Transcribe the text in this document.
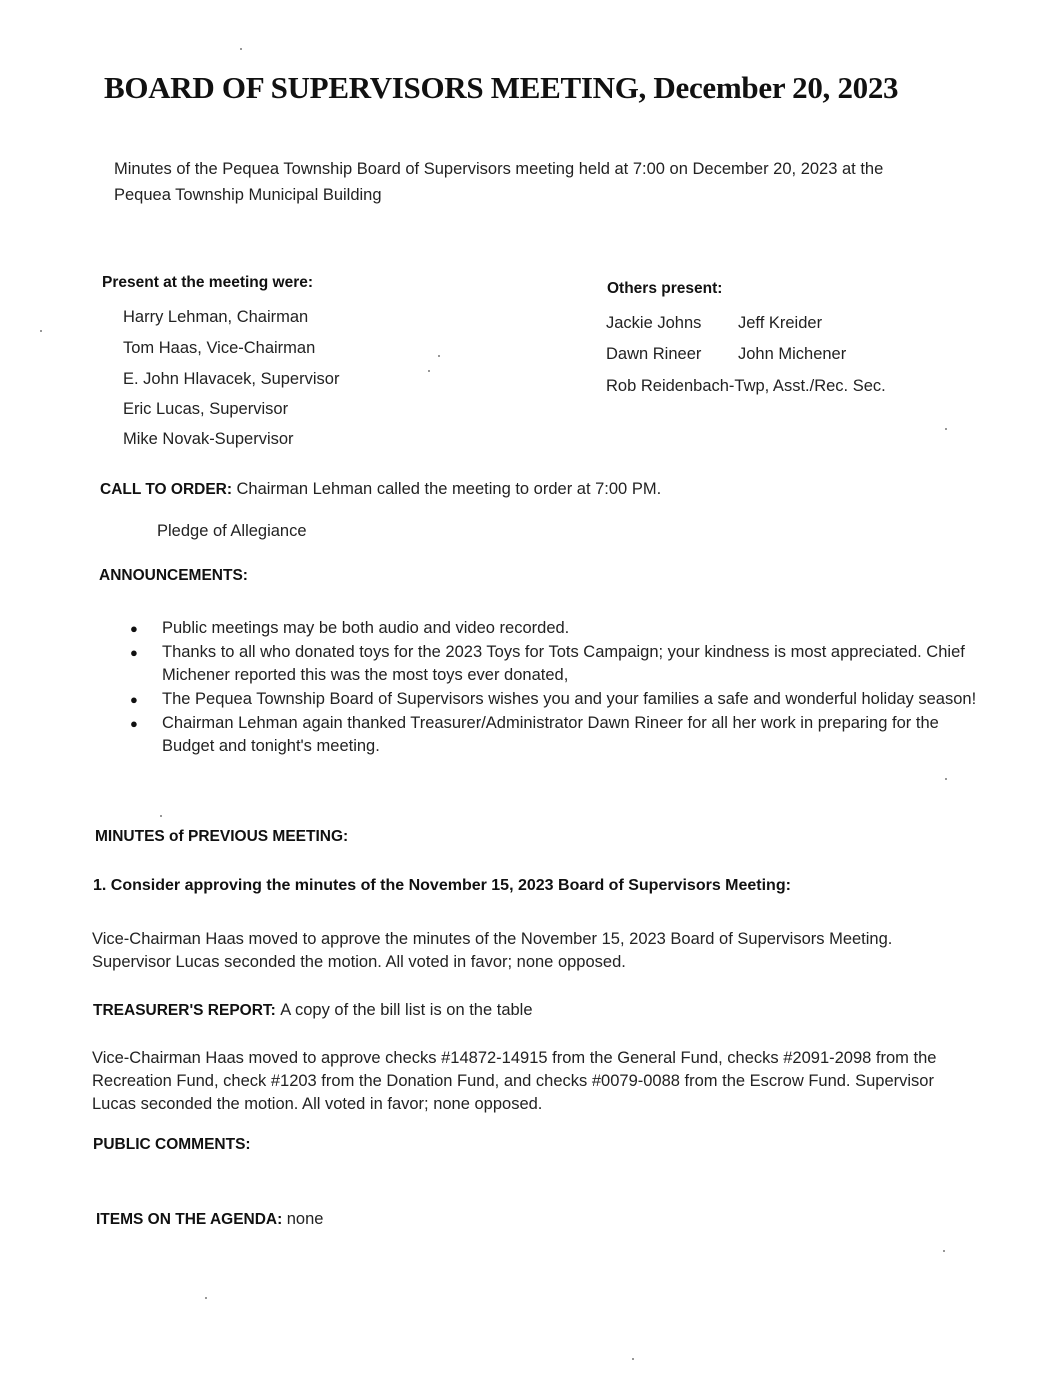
BOARD OF SUPERVISORS MEETING, December 20, 2023
Minutes of the Pequea Township Board of Supervisors meeting held at 7:00 on December 20, 2023 at the
Pequea Township Municipal Building
Present at the meeting were:
Harry Lehman, Chairman
Tom Haas, Vice-Chairman
E. John Hlavacek, Supervisor
Eric Lucas, Supervisor
Mike Novak-Supervisor
Others present:
Jackie Johns Jeff Kreider
Dawn Rineer John Michener
Rob Reidenbach-Twp, Asst./Rec. Sec.
CALL TO ORDER: Chairman Lehman called the meeting to order at 7:00 PM.
Pledge of Allegiance
ANNOUNCEMENTS:
● Public meetings may be both audio and video recorded.
● Thanks to all who donated toys for the 2023 Toys for Tots Campaign; your kindness is most appreciated. Chief Michener reported this was the most toys ever donated,
● The Pequea Township Board of Supervisors wishes you and your families a safe and wonderful holiday season!
● Chairman Lehman again thanked Treasurer/Administrator Dawn Rineer for all her work in preparing for the Budget and tonight's meeting.
MINUTES of PREVIOUS MEETING:
1. Consider approving the minutes of the November 15, 2023 Board of Supervisors Meeting:
Vice-Chairman Haas moved to approve the minutes of the November 15, 2023 Board of Supervisors Meeting. Supervisor Lucas seconded the motion. All voted in favor; none opposed.
TREASURER'S REPORT: A copy of the bill list is on the table
Vice-Chairman Haas moved to approve checks #14872-14915 from the General Fund, checks #2091-2098 from the Recreation Fund, check #1203 from the Donation Fund, and checks #0079-0088 from the Escrow Fund. Supervisor Lucas seconded the motion. All voted in favor; none opposed.
PUBLIC COMMENTS:
ITEMS ON THE AGENDA: none
